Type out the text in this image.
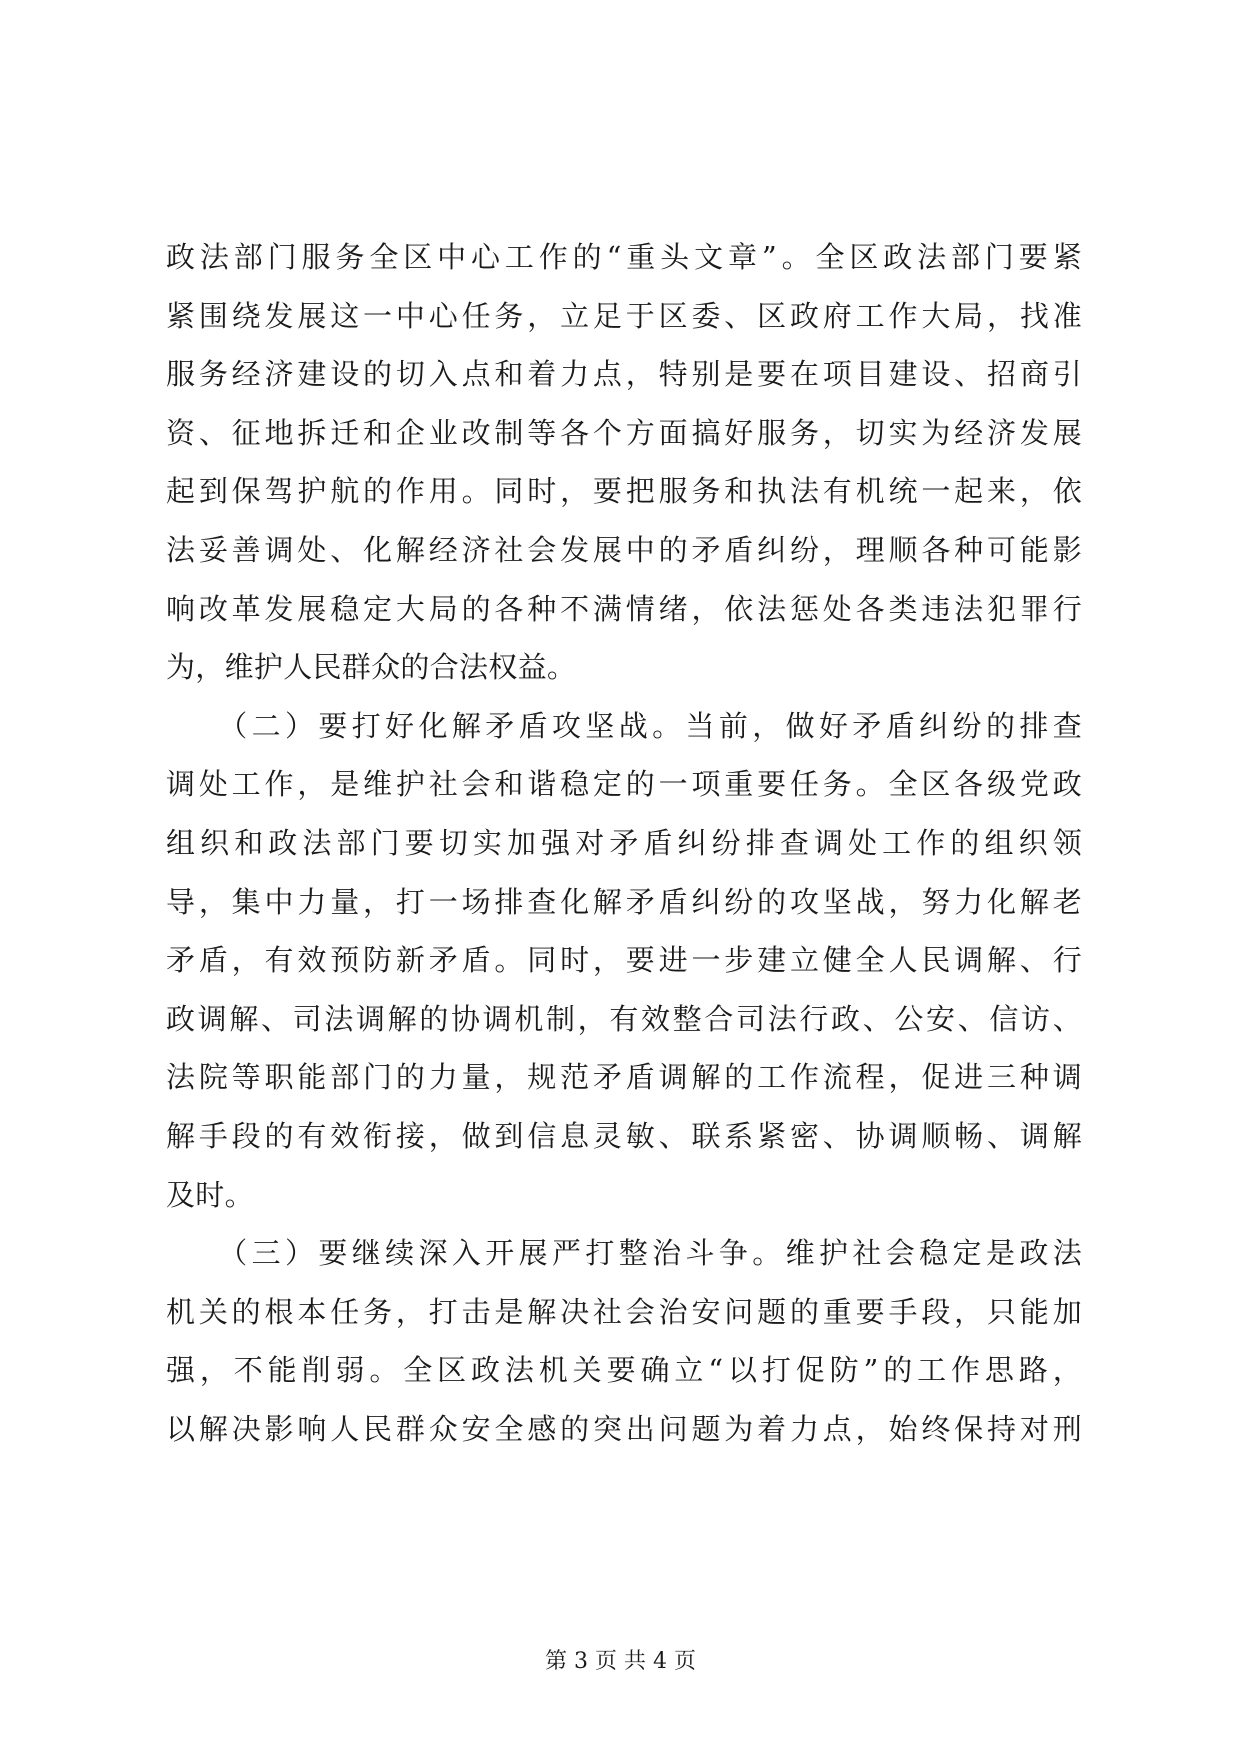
政法部门服务全区中心工作的“重头文章”。全区政法部门要紧
紧围绕发展这一中心任务，立足于区委、区政府工作大局，找准
服务经济建设的切入点和着力点，特别是要在项目建设、招商引
资、征地拆迁和企业改制等各个方面搞好服务，切实为经济发展
起到保驾护航的作用。同时，要把服务和执法有机统一起来，依
法妥善调处、化解经济社会发展中的矛盾纠纷，理顺各种可能影
响改革发展稳定大局的各种不满情绪，依法惩处各类违法犯罪行
为，维护人民群众的合法权益。
　　（二）要打好化解矛盾攻坚战。当前，做好矛盾纠纷的排查
调处工作，是维护社会和谐稳定的一项重要任务。全区各级党政
组织和政法部门要切实加强对矛盾纠纷排查调处工作的组织领
导，集中力量，打一场排查化解矛盾纠纷的攻坚战，努力化解老
矛盾，有效预防新矛盾。同时，要进一步建立健全人民调解、行
政调解、司法调解的协调机制，有效整合司法行政、公安、信访、
法院等职能部门的力量，规范矛盾调解的工作流程，促进三种调
解手段的有效衔接，做到信息灵敏、联系紧密、协调顺畅、调解
及时。
　　（三）要继续深入开展严打整治斗争。维护社会稳定是政法
机关的根本任务，打击是解决社会治安问题的重要手段，只能加
强，不能削弱。全区政法机关要确立“以打促防”的工作思路，
以解决影响人民群众安全感的突出问题为着力点，始终保持对刑
第 3 页 共 4 页
